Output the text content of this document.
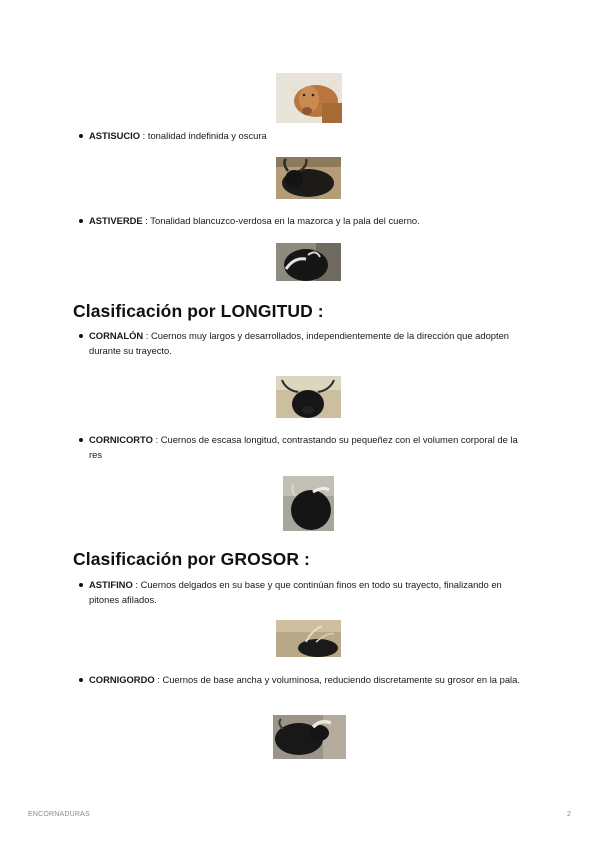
ASTISUCIO : tonalidad indefinida y oscura
ASTIVERDE : Tonalidad blancuzco-verdosa en la mazorca y la pala del cuerno.
Clasificación por LONGITUD :
CORNALÓN : Cuernos muy largos y desarrollados, independientemente de la dirección que adopten durante su trayecto.
CORNICORTO : Cuernos de escasa longitud, contrastando su pequeñez con el volumen corporal de la res
Clasificación por GROSOR :
ASTIFINO : Cuernos delgados en su base y que continúan finos en todo su trayecto, finalizando en pitones afilados.
CORNIGORDO : Cuernos de base ancha y voluminosa, reduciendo discretamente su grosor en la pala.
ENCORNADURAS	2
